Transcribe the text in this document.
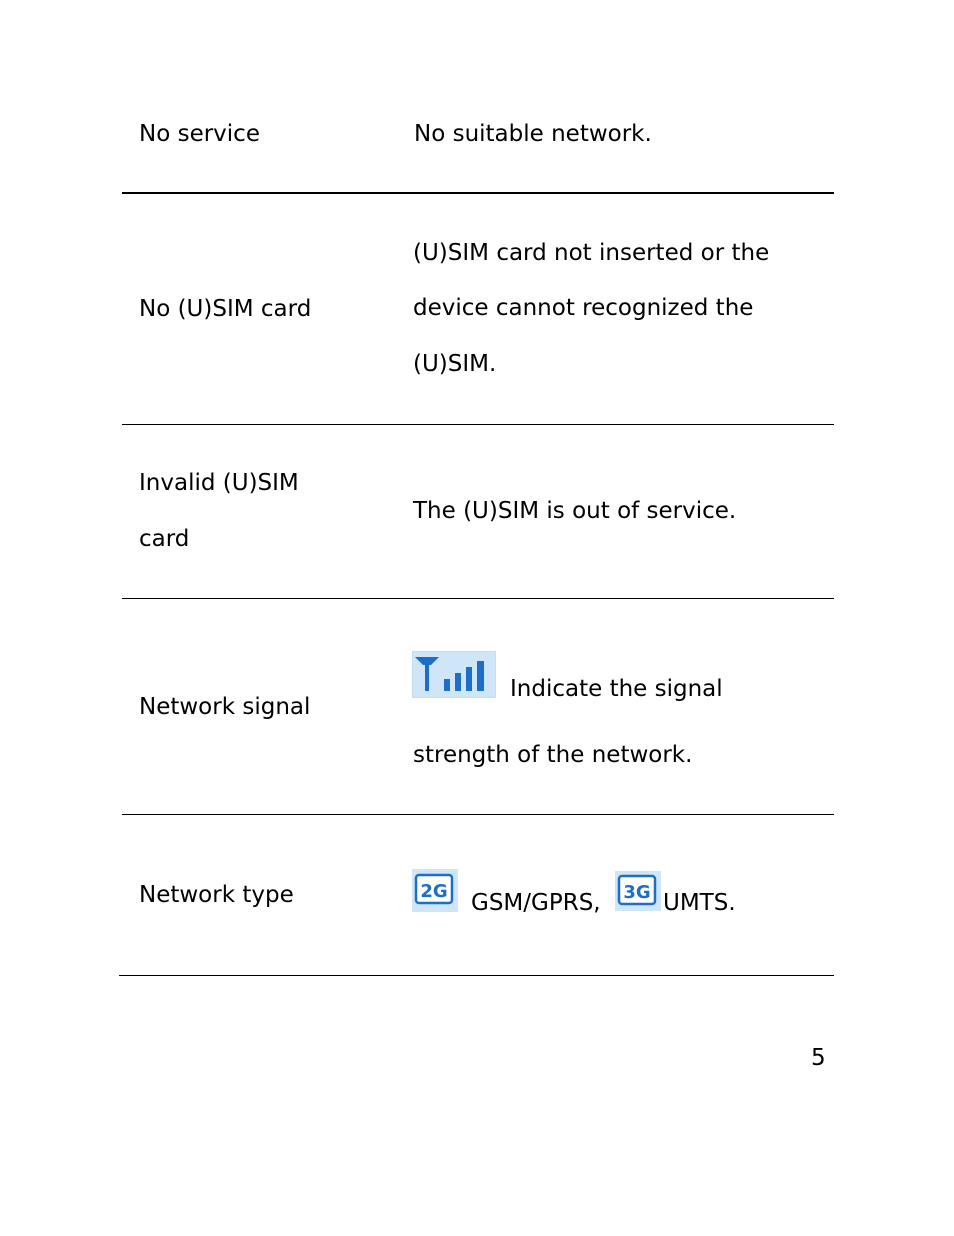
No service	No suitable network.
No (U)SIM card
(U)SIM card not inserted or the
device cannot recognized the
(U)SIM.
Invalid (U)SIM
card
The (U)SIM is out of service.
Network signal
Indicate the signal
strength of the network.
Network type	2G GSM/GPRS, 3G UMTS.
5
